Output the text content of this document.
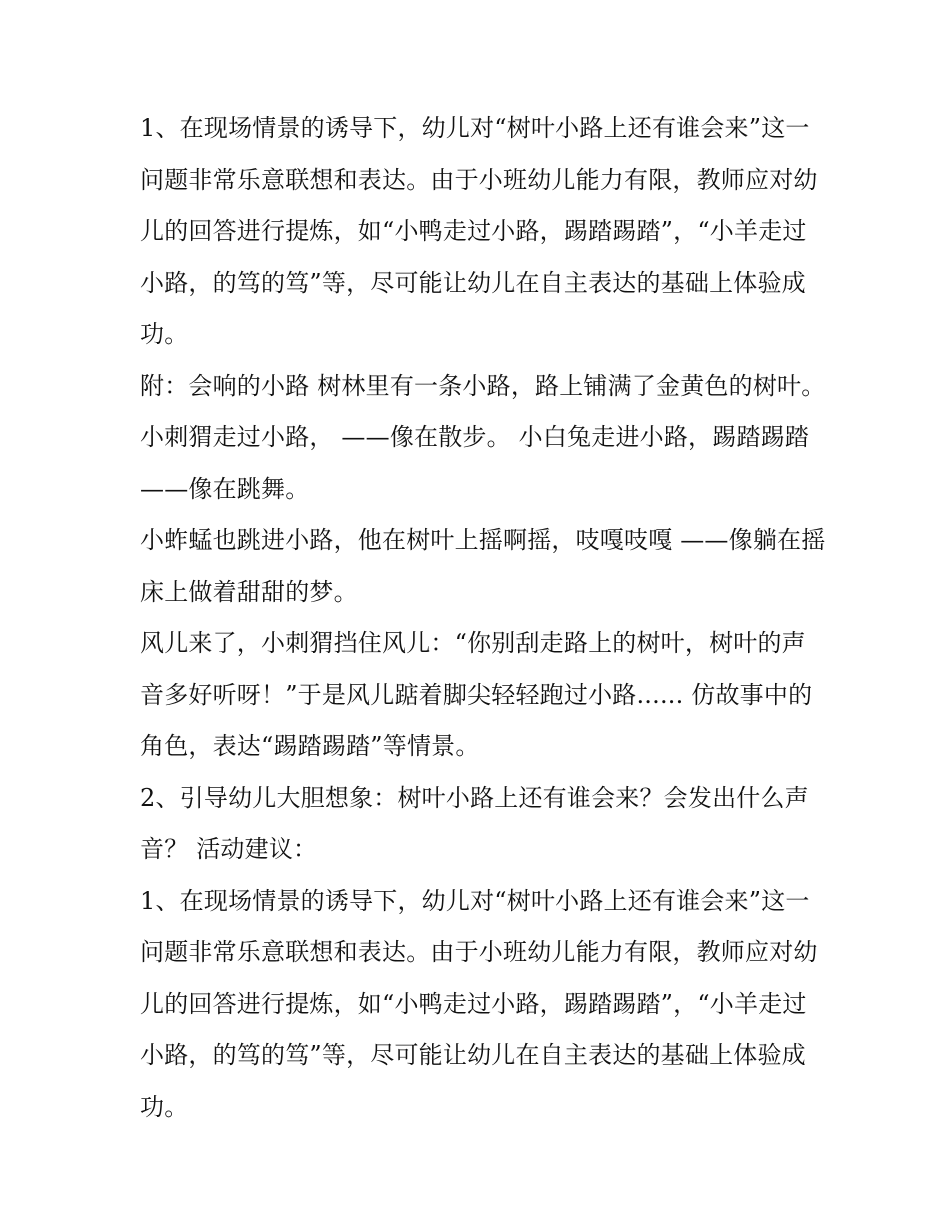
1、在现场情景的诱导下，幼儿对“树叶小路上还有谁会来”这一问题非常乐意联想和表达。由于小班幼儿能力有限，教师应对幼儿的回答进行提炼，如“小鸭走过小路，踢踏踢踏”，“小羊走过小路，的笃的笃”等，尽可能让幼儿在自主表达的基础上体验成功。

附：会响的小路 树林里有一条小路，路上铺满了金黄色的树叶。 小刺猬走过小路， ——像在散步。 小白兔走进小路，踢踏踢踏 ——像在跳舞。

小蚱蜢也跳进小路，他在树叶上摇啊摇，吱嘎吱嘎 ——像躺在摇床上做着甜甜的梦。

风儿来了，小刺猬挡住风儿：“你别刮走路上的树叶，树叶的声音多好听呀！”于是风儿踮着脚尖轻轻跑过小路...... 仿故事中的角色，表达“踢踏踢踏”等情景。

2、引导幼儿大胆想象：树叶小路上还有谁会来？会发出什么声音？ 活动建议：

1、在现场情景的诱导下，幼儿对“树叶小路上还有谁会来”这一问题非常乐意联想和表达。由于小班幼儿能力有限，教师应对幼儿的回答进行提炼，如“小鸭走过小路，踢踏踢踏”，“小羊走过小路，的笃的笃”等，尽可能让幼儿在自主表达的基础上体验成功。
